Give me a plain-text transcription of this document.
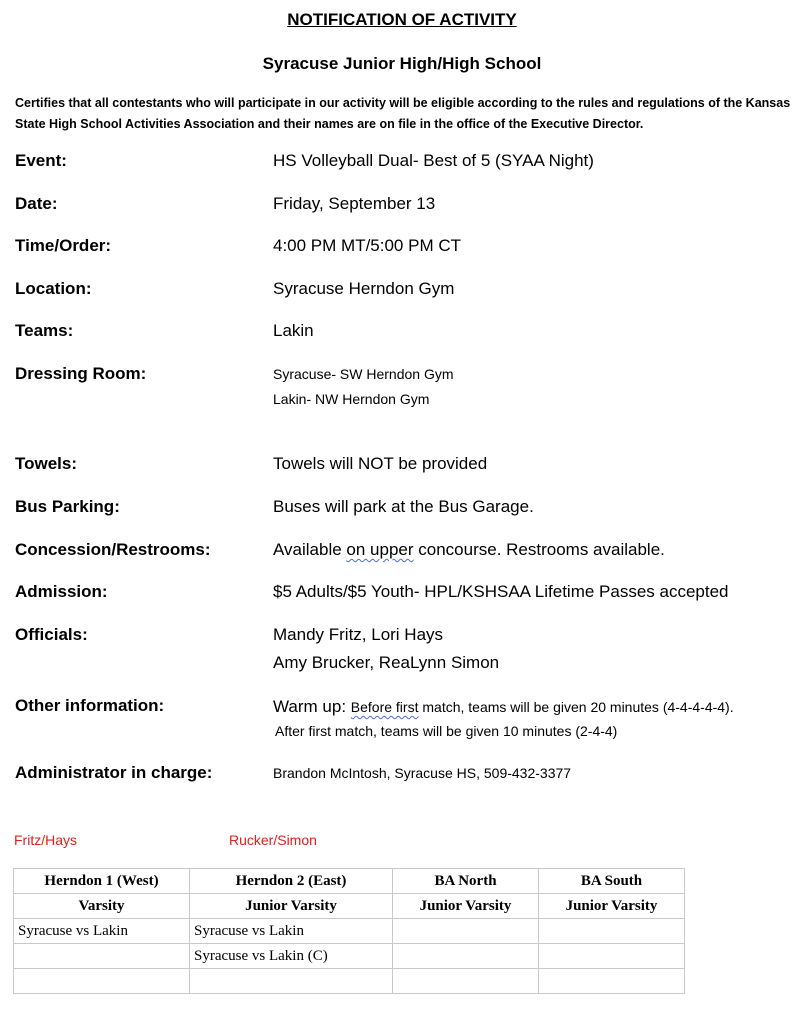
NOTIFICATION OF ACTIVITY
Syracuse Junior High/High School
Certifies that all contestants who will participate in our activity will be eligible according to the rules and regulations of the Kansas
State High School Activities Association and their names are on file in the office of the Executive Director.
Event:	HS Volleyball Dual- Best of 5 (SYAA Night)
Date:	Friday, September 13
Time/Order:	4:00 PM MT/5:00 PM CT
Location:	Syracuse Herndon Gym
Teams:	Lakin
Dressing Room:	Syracuse- SW Herndon Gym
Lakin- NW Herndon Gym
Towels:	Towels will NOT be provided
Bus Parking:	Buses will park at the Bus Garage.
Concession/Restrooms:	Available on upper concourse. Restrooms available.
Admission:	$5 Adults/$5 Youth- HPL/KSHSAA Lifetime Passes accepted
Officials:	Mandy Fritz, Lori Hays
Amy Brucker, ReaLynn Simon
Other information:	Warm up: Before first match, teams will be given 20 minutes (4-4-4-4-4).
After first match, teams will be given 10 minutes (2-4-4)
Administrator in charge:	Brandon McIntosh, Syracuse HS, 509-432-3377
Fritz/Hays	Rucker/Simon
Herndon 1 (West)	Herndon 2 (East)	BA North	BA South
Varsity	Junior Varsity	Junior Varsity	Junior Varsity
Syracuse vs Lakin	Syracuse vs Lakin		
	Syracuse vs Lakin (C)		
